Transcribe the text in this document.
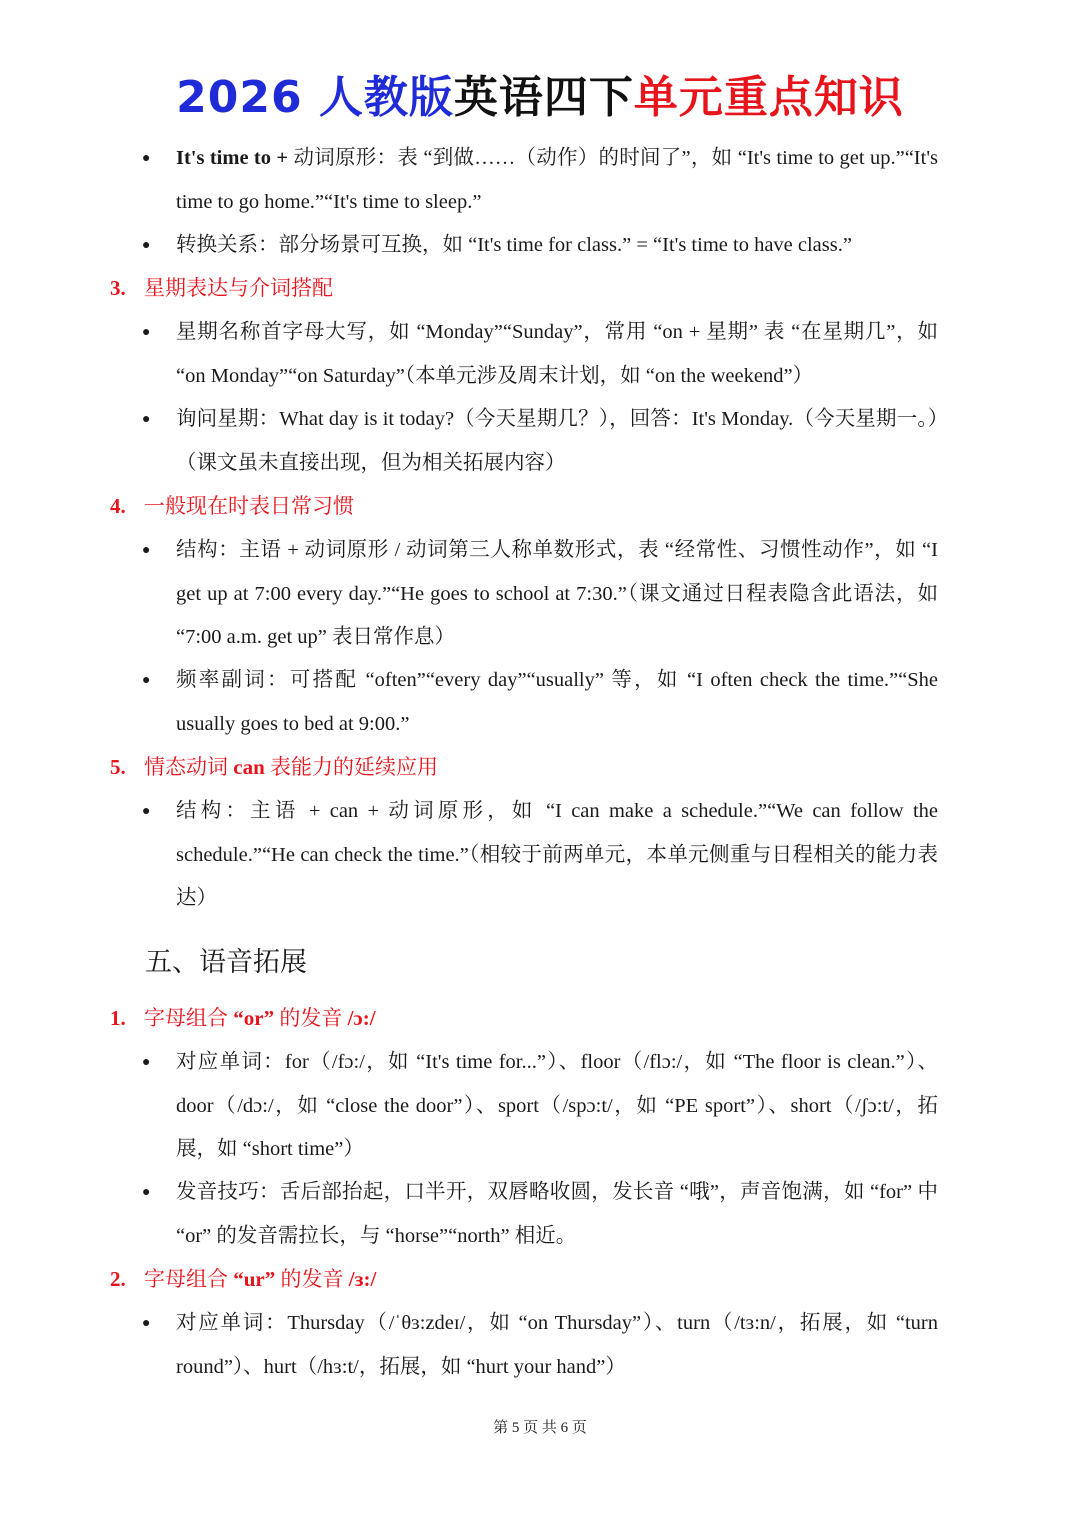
2026 人教版英语四下单元重点知识
● It's time to + 动词原形：表 “到做……（动作）的时间了”，如 “It's time to get up.”“It's time to go home.”“It's time to sleep.”
● 转换关系：部分场景可互换，如 “It's time for class.” = “It's time to have class.”
3. 星期表达与介词搭配
● 星期名称首字母大写，如 “Monday”“Sunday”，常用 “on + 星期” 表 “在星期几”，如 “on Monday”“on Saturday”（本单元涉及周末计划，如 “on the weekend”）
● 询问星期：What day is it today?（今天星期几？），回答：It's Monday.（今天星期一。）（课文虽未直接出现，但为相关拓展内容）
4. 一般现在时表日常习惯
● 结构：主语 + 动词原形 / 动词第三人称单数形式，表 “经常性、习惯性动作”，如 “I get up at 7:00 every day.”“He goes to school at 7:30.”（课文通过日程表隐含此语法，如 “7:00 a.m. get up” 表日常作息）
● 频率副词：可搭配 “often”“every day”“usually” 等，如 “I often check the time.”“She usually goes to bed at 9:00.”
5. 情态动词 can 表能力的延续应用
● 结构：主语 + can + 动词原形，如 “I can make a schedule.”“We can follow the schedule.”“He can check the time.”（相较于前两单元，本单元侧重与日程相关的能力表达）
五、语音拓展
1. 字母组合 “or” 的发音 /ɔ:/
● 对应单词：for（/fɔ:/，如 “It's time for...”）、floor（/flɔ:/，如 “The floor is clean.”）、door（/dɔ:/，如 “close the door”）、sport（/spɔ:t/，如 “PE sport”）、short（/ʃɔ:t/，拓展，如 “short time”）
● 发音技巧：舌后部抬起，口半开，双唇略收圆，发长音 “哦”，声音饱满，如 “for” 中 “or” 的发音需拉长，与 “horse”“north” 相近。
2. 字母组合 “ur” 的发音 /ɜ:/
● 对应单词：Thursday（/ˈθɜ:zdeɪ/，如 “on Thursday”）、turn（/tɜ:n/，拓展，如 “turn round”）、hurt（/hɜ:t/，拓展，如 “hurt your hand”）
第 5 页 共 6 页
